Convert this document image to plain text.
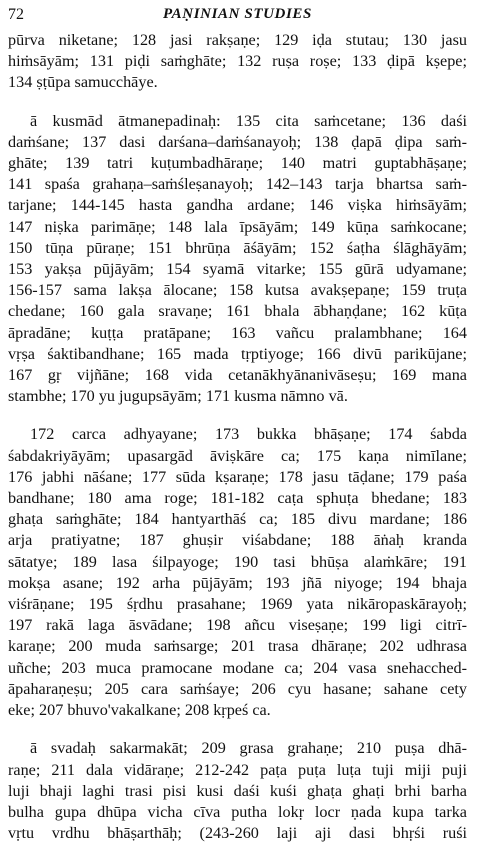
72	PAṆINIAN STUDIES

pūrva niketane; 128 jasi rakṣaṇe; 129 iḍa stutau; 130 jasu
hiṁsāyām; 131 piḍi saṁghāte; 132 ruṣa roṣe; 133 ḍipā kṣepe;
134 ṣṭūpa samucchāye.

ā kusmād ātmanepadinaḥ: 135 cita saṁcetane; 136 daśi
daṁśane; 137 dasi darśana–daṁśanayoḥ; 138 ḍapā ḍipa saṁ-
ghāte; 139 tatri kuṭumbadhāraṇe; 140 matri guptabhāṣaṇe;
141 spaśa grahaṇa–saṁśleṣanayoḥ; 142–143 tarja bhartsa saṁ-
tarjane; 144-145 hasta gandha ardane; 146 viṣka hiṁsāyām;
147 niṣka parimāṇe; 148 lala īpsāyām; 149 kūṇa saṁkocane;
150 tūṇa pūraṇe; 151 bhrūṇa āśāyām; 152 śaṭha ślāghāyām;
153 yakṣa pūjāyām; 154 syamā vitarke; 155 gūrā udyamane;
156-157 sama lakṣa ālocane; 158 kutsa avakṣepaṇe; 159 truṭa
chedane; 160 gala sravaṇe; 161 bhala ābhaṇḍane; 162 kūṭa
āpradāne; kuṭṭa pratāpane; 163 vañcu pralambhane; 164
vṛṣa śaktibandhane; 165 mada tṛptiyoge; 166 divū parikūjane;
167 gṛ vijñāne; 168 vida cetanākhyānanivāseṣu; 169 mana
stambhe; 170 yu jugupsāyām; 171 kusma nāmno vā.

172 carca adhyayane; 173 bukka bhāṣaṇe; 174 śabda
śabdakriyāyām; upasargād āviṣkāre ca; 175 kaṇa nimīlane;
176 jabhi nāśane; 177 sūda kṣaraṇe; 178 jasu tāḍane; 179 paśa
bandhane; 180 ama roge; 181-182 caṭa sphuṭa bhedane; 183
ghaṭa saṁghāte; 184 hantyarthāś ca; 185 divu mardane; 186
arja pratiyatne; 187 ghuṣir viśabdane; 188 āṅaḥ kranda
sātatye; 189 lasa śilpayoge; 190 tasi bhūṣa alaṁkāre; 191
mokṣa asane; 192 arha pūjāyām; 193 jñā niyoge; 194 bhaja
viśrāṇane; 195 śṛdhu prasahane; 1969 yata nikāropaskārayoḥ;
197 rakā laga āsvādane; 198 añcu viseṣaṇe; 199 ligi citrī-
karaṇe; 200 muda saṁsarge; 201 trasa dhāraṇe; 202 udhrasa
uñche; 203 muca pramocane modane ca; 204 vasa snehacched-
āpaharaṇeṣu; 205 cara saṁśaye; 206 cyu hasane; sahane cety
eke; 207 bhuvo'vakalkane; 208 kṛpeś ca.

ā svadaḥ sakarmakāt; 209 grasa grahaṇe; 210 puṣa dhā-
raṇe; 211 dala vidāraṇe; 212-242 paṭa puṭa luṭa tuji miji puji
luji bhaji laghi trasi pisi kusi daśi kuśi ghaṭa ghaṭi brhi barha
bulha gupa dhūpa vicha cīva putha lokṛ locr ṇada kupa tarka
vṛtu vrdhu bhāṣarthāḥ; (243-260 laji aji dasi bhṛśi ruśi
